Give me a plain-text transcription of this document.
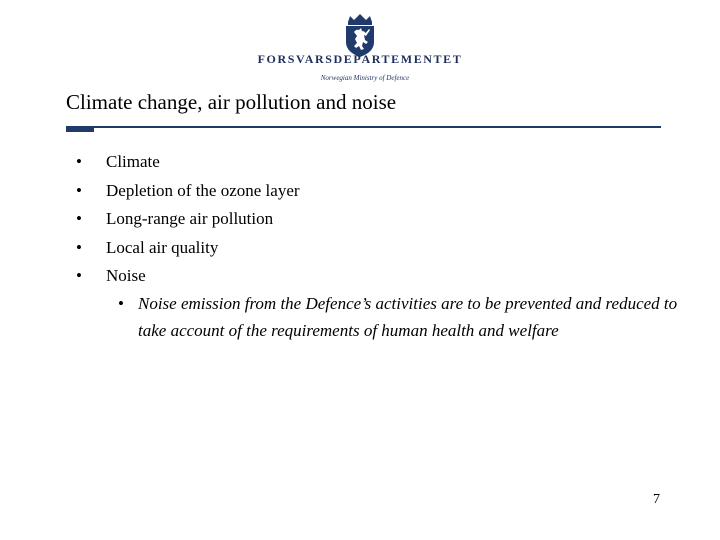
FORSVARSDEPARTEMENTET
Norwegian Ministry of Defence
Climate change, air pollution and noise
• Climate
• Depletion of the ozone layer
• Long-range air pollution
• Local air quality
• Noise
• Noise emission from the Defence’s activities are to be prevented and reduced to take account of the requirements of human health and welfare
7
